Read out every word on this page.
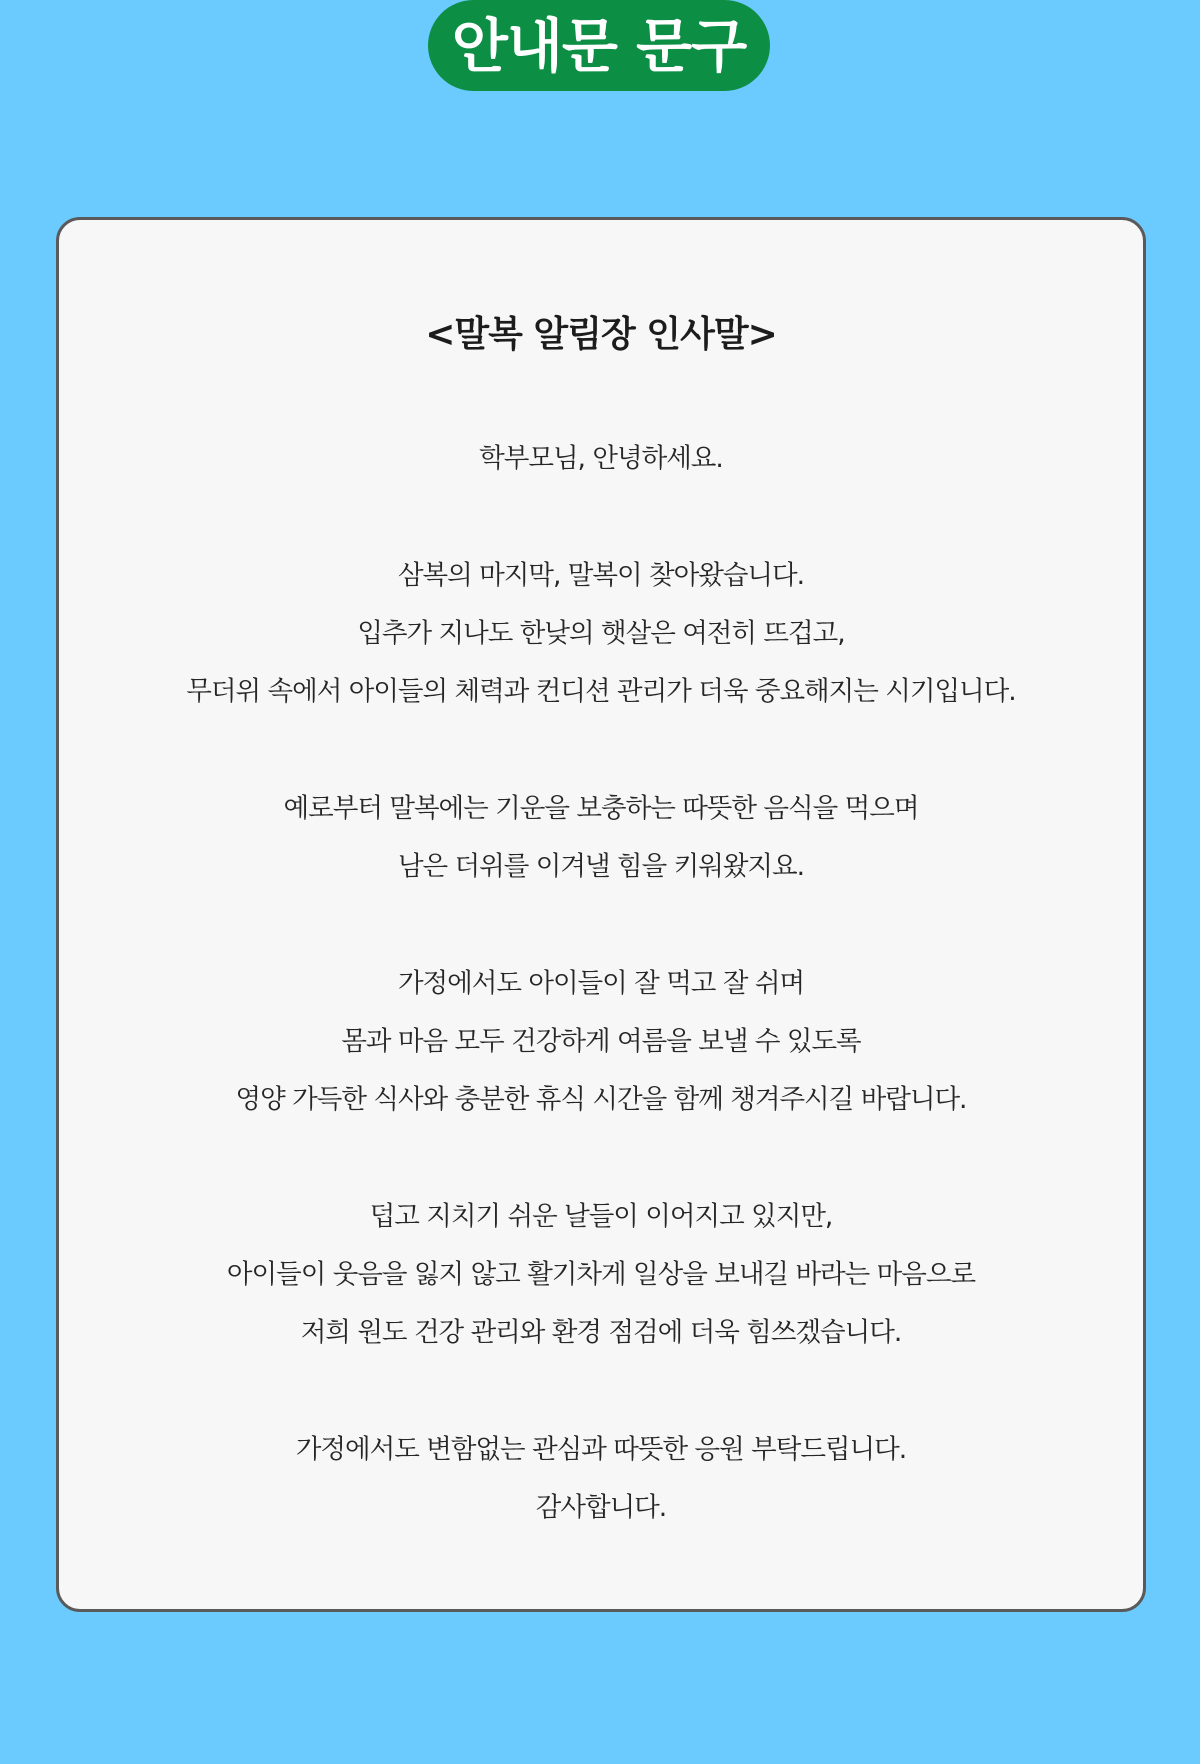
안내문 문구
<말복 알림장 인사말>
학부모님, 안녕하세요.
삼복의 마지막, 말복이 찾아왔습니다.
입추가 지나도 한낮의 햇살은 여전히 뜨겁고,
무더위 속에서 아이들의 체력과 컨디션 관리가 더욱 중요해지는 시기입니다.
예로부터 말복에는 기운을 보충하는 따뜻한 음식을 먹으며
남은 더위를 이겨낼 힘을 키워왔지요.
가정에서도 아이들이 잘 먹고 잘 쉬며
몸과 마음 모두 건강하게 여름을 보낼 수 있도록
영양 가득한 식사와 충분한 휴식 시간을 함께 챙겨주시길 바랍니다.
덥고 지치기 쉬운 날들이 이어지고 있지만,
아이들이 웃음을 잃지 않고 활기차게 일상을 보내길 바라는 마음으로
저희 원도 건강 관리와 환경 점검에 더욱 힘쓰겠습니다.
가정에서도 변함없는 관심과 따뜻한 응원 부탁드립니다.
감사합니다.
